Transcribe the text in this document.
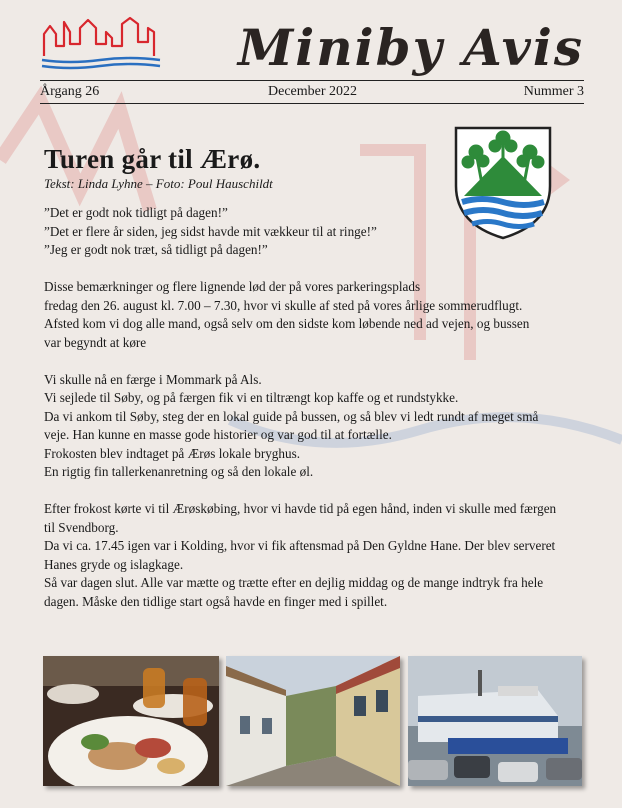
Miniby Avis
Årgang 26	December 2022	Nummer 3
Turen går til Ærø.
Tekst: Linda Lyhne – Foto: Poul Hauschildt
”Det er godt nok tidligt på dagen!”
”Det er flere år siden, jeg sidst havde mit vækkeur til at ringe!”
”Jeg er godt nok træt, så tidligt på dagen!”
Disse bemærkninger og flere lignende lød der på vores parkeringsplads
fredag den 26. august kl. 7.00 – 7.30, hvor vi skulle af sted på vores årlige sommerudflugt.
Afsted kom vi dog alle mand, også selv om den sidste kom løbende ned ad vejen, og bussen
var begyndt at køre
Vi skulle nå en færge i Mommark på Als.
Vi sejlede til Søby, og på færgen fik vi en tiltrængt kop kaffe og et rundstykke.
Da vi ankom til Søby, steg der en lokal guide på bussen, og så blev vi ledt rundt af meget små
veje. Han kunne en masse gode historier og var god til at fortælle.
Frokosten blev indtaget på Ærøs lokale bryghus.
En rigtig fin tallerkenanretning og så den lokale øl.
Efter frokost kørte vi til Ærøskøbing, hvor vi havde tid på egen hånd, inden vi skulle med færgen
til Svendborg.
Da vi ca. 17.45 igen var i Kolding, hvor vi fik aftensmad på Den Gyldne Hane. Der blev serveret
Hanes gryde og islagkage.
Så var dagen slut. Alle var mætte og trætte efter en dejlig middag og de mange indtryk fra hele
dagen. Måske den tidlige start også havde en finger med i spillet.
